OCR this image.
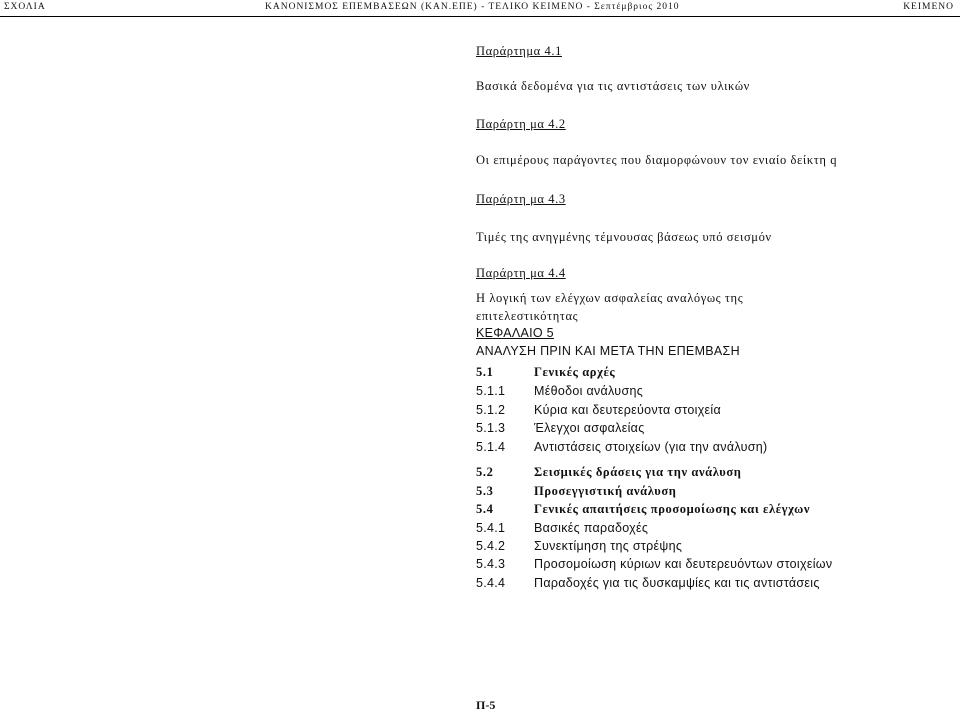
ΣΧΟΛΙΑ	ΚΑΝΟΝΙΣΜΟΣ ΕΠΕΜΒΑΣΕΩΝ (ΚΑΝ.ΕΠΕ) - ΤΕΛΙΚΟ ΚΕΙΜΕΝΟ - Σεπτέμβριος 2010	ΚΕΙΜΕΝΟ
Παράρτημα 4.1
Βασικά δεδομένα για τις αντιστάσεις των υλικών
Παράρτη μα 4.2
Οι επιμέρους παράγοντες που διαμορφώνουν τον ενιαίο δείκτη q
Παράρτη μα 4.3
Τιμές της ανηγμένης τέμνουσας βάσεως υπό σεισμόν
Παράρτη μα 4.4
Η λογική των ελέγχων ασφαλείας αναλόγως της
επιτελεστικότητας
ΚΕΦΑΛΑΙΟ 5
ΑΝΑΛΥΣΗ ΠΡΙΝ ΚΑΙ ΜΕΤΑ ΤΗΝ ΕΠΕΜΒΑΣΗ
5.1	Γενικές αρχές
5.1.1 Μέθοδοι ανάλυσης
5.1.2 Κύρια και δευτερεύοντα στοιχεία
5.1.3 Έλεγχοι ασφαλείας
5.1.4 Αντιστάσεις στοιχείων (για την ανάλυση)
5.2	Σεισμικές δράσεις για την ανάλυση
5.3	Προσεγγιστική ανάλυση
5.4	Γενικές απαιτήσεις προσομοίωσης και ελέγχων
5.4.1 Βασικές παραδοχές
5.4.2 Συνεκτίμηση της στρέψης
5.4.3 Προσομοίωση κύριων και δευτερευόντων στοιχείων
5.4.4 Παραδοχές για τις δυσκαμψίες και τις αντιστάσεις
Π-5
